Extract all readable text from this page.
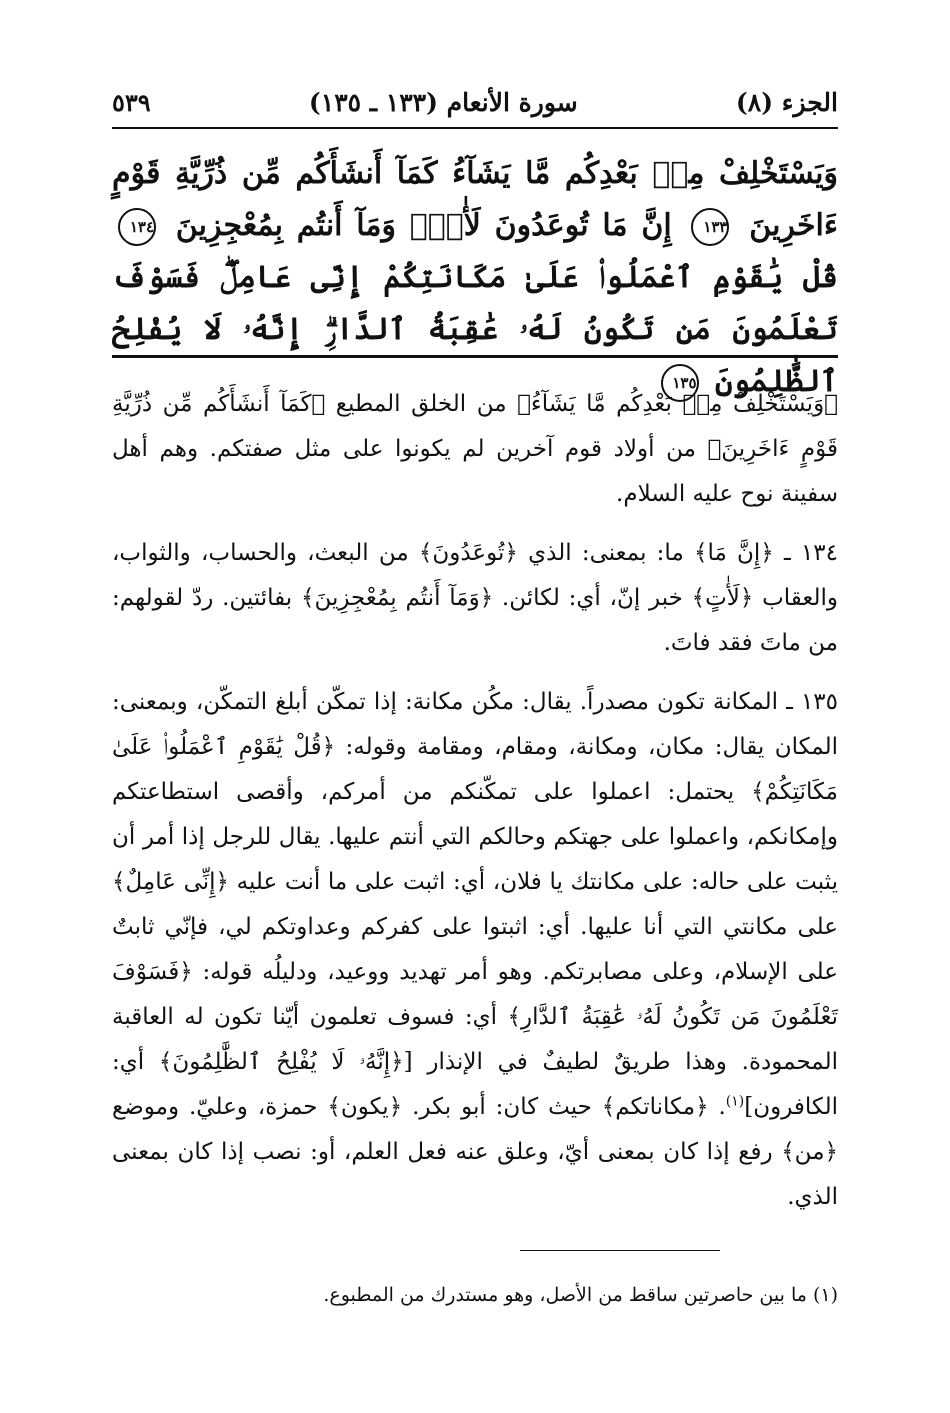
الجزء (٨)
سورة الأنعام (١٣٣ ـ ١٣٥)
٥٣٩
وَيَسْتَخْلِفْ مِنۢ بَعْدِكُم مَّا يَشَآءُ كَمَآ أَنشَأَكُم مِّن ذُرِّيَّةِ قَوْمٍ ءَاخَرِينَ ١٣٣ إِنَّ مَا تُوعَدُونَ لَأٰتٍۖ وَمَآ أَنتُم بِمُعْجِزِينَ ١٣٤ قُلْ يَٰقَوْمِ ٱعْمَلُوا۟ عَلَىٰ مَكَانَتِكُمْ إِنِّى عَامِلٌۖ فَسَوْفَ تَعْلَمُونَ مَن تَكُونُ لَهُۥ عَٰقِبَةُ ٱلدَّارِۗ إِنَّهُۥ لَا يُفْلِحُ ٱلظَّٰلِمُونَ ١٣٥

﴿وَيَسْتَخْلِفْ مِنۢ بَعْدِكُم مَّا يَشَآءُ﴾ من الخلق المطيع ﴿كَمَآ أَنشَأَكُم مِّن ذُرِّيَّةِ قَوْمٍ ءَاخَرِينَ﴾ من أولاد قوم آخرين لم يكونوا على مثل صفتكم. وهم أهل سفينة نوح عليه السلام.

١٣٤ ـ ﴿إِنَّ مَا﴾ ما: بمعنى: الذي ﴿تُوعَدُونَ﴾ من البعث، والحساب، والثواب، والعقاب ﴿لَأٰتٍ﴾ خبر إنّ، أي: لكائن. ﴿وَمَآ أَنتُم بِمُعْجِزِينَ﴾ بفائتين. ردّ لقولهم: من ماتَ فقد فاتَ.

١٣٥ ـ المكانة تكون مصدراً. يقال: مكُن مكانة: إذا تمكّن أبلغ التمكّن، وبمعنى: المكان يقال: مكان، ومكانة، ومقام، ومقامة وقوله: ﴿قُلْ يَٰقَوْمِ ٱعْمَلُوا۟ عَلَىٰ مَكَانَتِكُمْ﴾ يحتمل: اعملوا على تمكّنكم من أمركم، وأقصى استطاعتكم وإمكانكم، واعملوا على جهتكم وحالكم التي أنتم عليها. يقال للرجل إذا أمر أن يثبت على حاله: على مكانتك يا فلان، أي: اثبت على ما أنت عليه ﴿إِنِّى عَامِلٌ﴾ على مكانتي التي أنا عليها. أي: اثبتوا على كفركم وعداوتكم لي، فإنّي ثابتٌ على الإسلام، وعلى مصابرتكم. وهو أمر تهديد ووعيد، ودليلُه قوله: ﴿فَسَوْفَ تَعْلَمُونَ مَن تَكُونُ لَهُۥ عَٰقِبَةُ ٱلدَّارِ﴾ أي: فسوف تعلمون أيّنا تكون له العاقبة المحمودة. وهذا طريقٌ لطيفٌ في الإنذار [﴿إِنَّهُۥ لَا يُفْلِحُ ٱلظَّٰلِمُونَ﴾ أي: الكافرون]$^{(١)}$. ﴿مكاناتكم﴾ حيث كان: أبو بكر. ﴿يكون﴾ حمزة، وعليّ. وموضع ﴿من﴾ رفع إذا كان بمعنى أيّ، وعلق عنه فعل العلم، أو: نصب إذا كان بمعنى الذي.

(١) ما بين حاصرتين ساقط من الأصل، وهو مستدرك من المطبوع.
